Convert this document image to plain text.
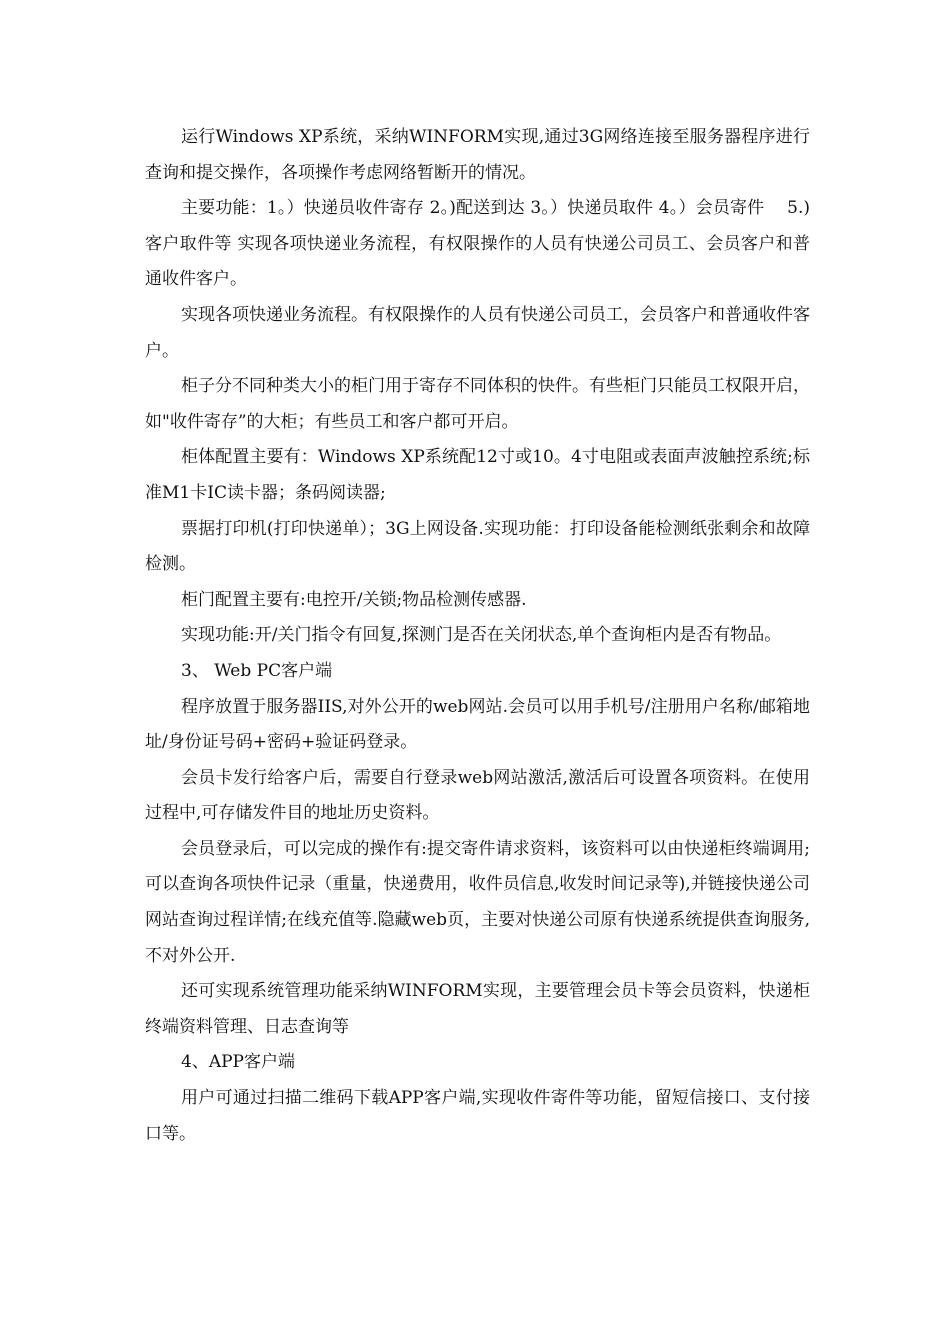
运行Windows XP系统，采纳WINFORM实现,通过3G网络连接至服务器程序进行查询和提交操作，各项操作考虑网络暂断开的情况。

主要功能：1。）快递员收件寄存 2。)配送到达 3。）快递员取件 4。）会员寄件　 5.)客户取件等 实现各项快递业务流程，有权限操作的人员有快递公司员工、会员客户和普通收件客户。

实现各项快递业务流程。有权限操作的人员有快递公司员工，会员客户和普通收件客户。

柜子分不同种类大小的柜门用于寄存不同体积的快件。有些柜门只能员工权限开启，如"收件寄存”的大柜；有些员工和客户都可开启。

柜体配置主要有：Windows XP系统配12寸或10。4寸电阻或表面声波触控系统;标准M1卡IC读卡器；条码阅读器;

票据打印机(打印快递单）；3G上网设备.实现功能：打印设备能检测纸张剩余和故障检测。

柜门配置主要有:电控开/关锁;物品检测传感器.

实现功能:开/关门指令有回复,探测门是否在关闭状态,单个查询柜内是否有物品。

3、 Web PC客户端

程序放置于服务器IIS,对外公开的web网站.会员可以用手机号/注册用户名称/邮箱地址/身份证号码+密码+验证码登录。

会员卡发行给客户后，需要自行登录web网站激活,激活后可设置各项资料。在使用过程中,可存储发件目的地址历史资料。

会员登录后，可以完成的操作有:提交寄件请求资料，该资料可以由快递柜终端调用;可以查询各项快件记录（重量，快递费用，收件员信息,收发时间记录等),并链接快递公司网站查询过程详情;在线充值等.隐藏web页，主要对快递公司原有快递系统提供查询服务,不对外公开.

还可实现系统管理功能采纳WINFORM实现，主要管理会员卡等会员资料，快递柜终端资料管理、日志查询等

4、APP客户端

用户可通过扫描二维码下载APP客户端,实现收件寄件等功能，留短信接口、支付接口等。
